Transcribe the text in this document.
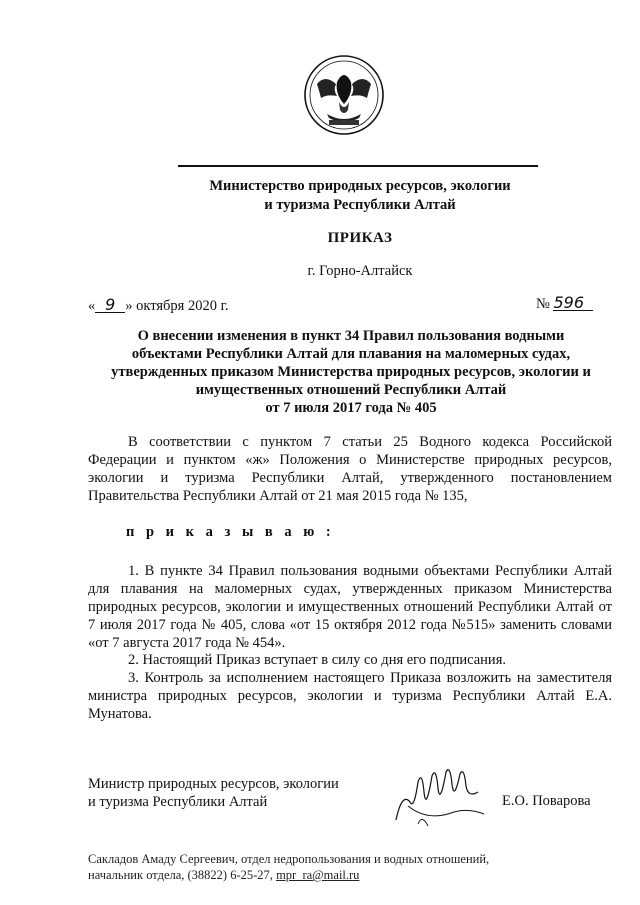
Министерство природных ресурсов, экологии
и туризма Республики Алтай
ПРИКАЗ
г. Горно-Алтайск
« 9 » октября 2020 г.	№ 596
О внесении изменения в пункт 34 Правил пользования водными
объектами Республики Алтай для плавания на маломерных судах,
утвержденных приказом Министерства природных ресурсов, экологии и
имущественных отношений Республики Алтай
от 7 июля 2017 года № 405

В соответствии с пунктом 7 статьи 25 Водного кодекса Российской Федерации и пунктом «ж» Положения о Министерстве природных ресурсов, экологии и туризма Республики Алтай, утвержденного постановлением Правительства Республики Алтай от 21 мая 2015 года № 135,

п р и к а з ы в а ю :

1. В пункте 34 Правил пользования водными объектами Республики Алтай для плавания на маломерных судах, утвержденных приказом Министерства природных ресурсов, экологии и имущественных отношений Республики Алтай от 7 июля 2017 года № 405, слова «от 15 октября 2012 года №515» заменить словами «от 7 августа 2017 года № 454».

2. Настоящий Приказ вступает в силу со дня его подписания.

3. Контроль за исполнением настоящего Приказа возложить на заместителя министра природных ресурсов, экологии и туризма Республики Алтай Е.А. Мунатова.

Министр природных ресурсов, экологии
и туризма Республики Алтай	Е.О. Поварова
Сакладов Амаду Сергеевич, отдел недропользования и водных отношений,
начальник отдела, (38822) 6-25-27, mpr_ra@mail.ru
